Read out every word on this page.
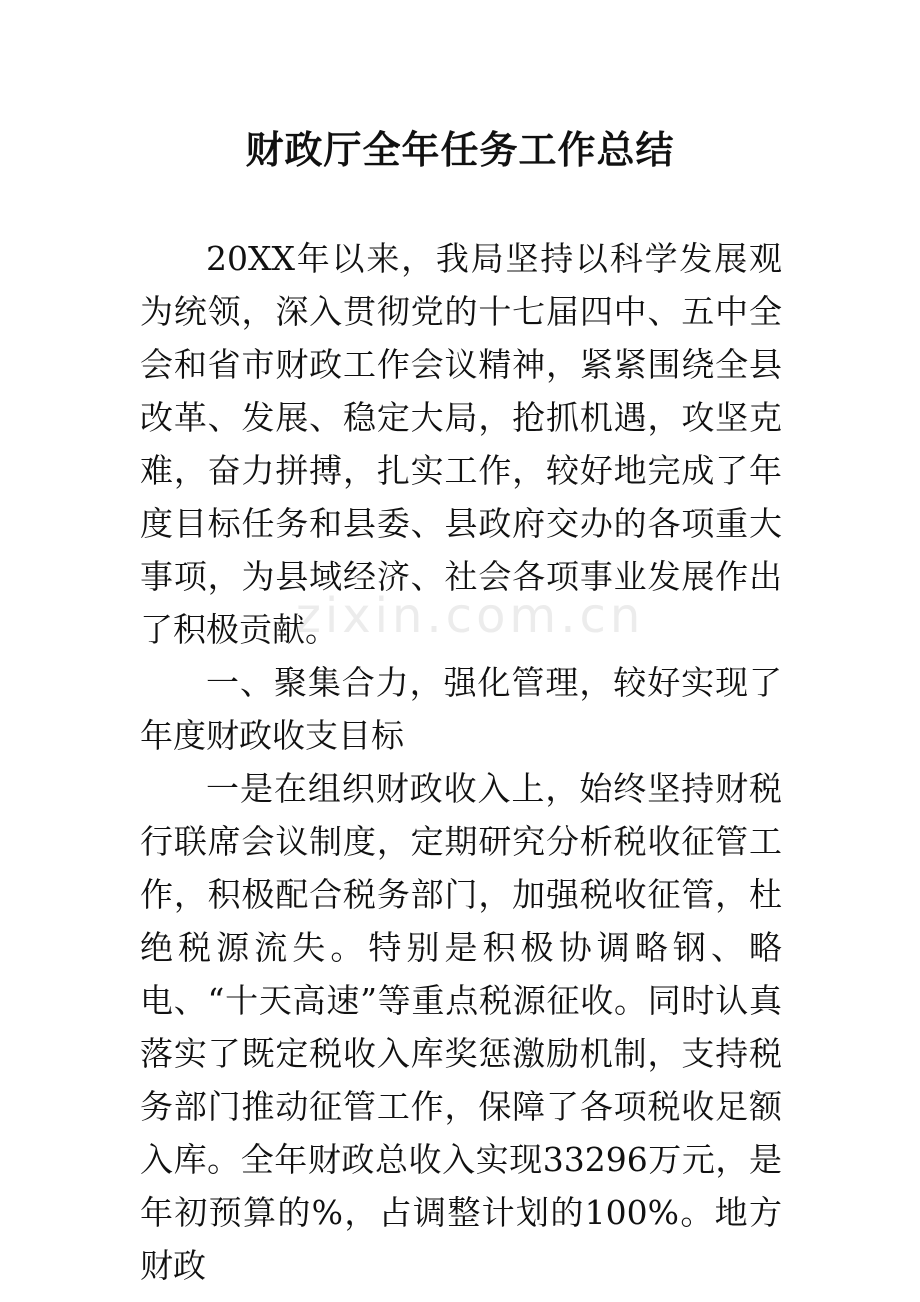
财政厅全年任务工作总结

20XX年以来，我局坚持以科学发展观为统领，深入贯彻党的十七届四中、五中全会和省市财政工作会议精神，紧紧围绕全县改革、发展、稳定大局，抢抓机遇，攻坚克难，奋力拼搏，扎实工作，较好地完成了年度目标任务和县委、县政府交办的各项重大事项，为县域经济、社会各项事业发展作出了积极贡献。

一、聚集合力，强化管理，较好实现了年度财政收支目标

一是在组织财政收入上，始终坚持财税行联席会议制度，定期研究分析税收征管工作，积极配合税务部门，加强税收征管，杜绝税源流失。特别是积极协调略钢、略电、“十天高速”等重点税源征收。同时认真落实了既定税收入库奖惩激励机制，支持税务部门推动征管工作，保障了各项税收足额入库。全年财政总收入实现33296万元，是年初预算的%，占调整计划的100%。地方财政

zixin.com.cn
